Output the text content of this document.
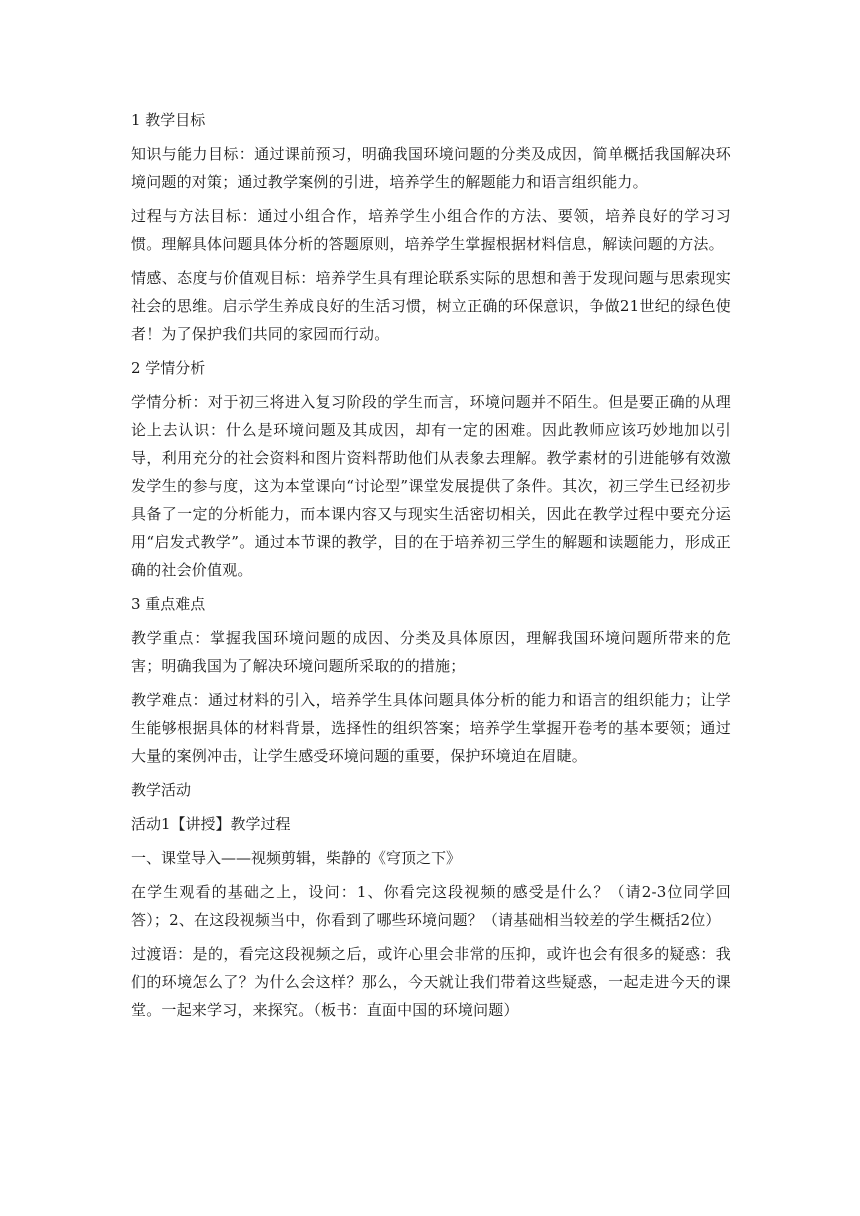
1 教学目标

知识与能力目标：通过课前预习，明确我国环境问题的分类及成因，简单概括我国解决环境问题的对策；通过教学案例的引进，培养学生的解题能力和语言组织能力。

过程与方法目标：通过小组合作，培养学生小组合作的方法、要领，培养良好的学习习惯。理解具体问题具体分析的答题原则，培养学生掌握根据材料信息，解读问题的方法。

情感、态度与价值观目标：培养学生具有理论联系实际的思想和善于发现问题与思索现实社会的思维。启示学生养成良好的生活习惯，树立正确的环保意识，争做21世纪的绿色使者！为了保护我们共同的家园而行动。

2 学情分析

学情分析：对于初三将进入复习阶段的学生而言，环境问题并不陌生。但是要正确的从理论上去认识：什么是环境问题及其成因，却有一定的困难。因此教师应该巧妙地加以引导，利用充分的社会资料和图片资料帮助他们从表象去理解。教学素材的引进能够有效激发学生的参与度，这为本堂课向“讨论型”课堂发展提供了条件。其次，初三学生已经初步具备了一定的分析能力，而本课内容又与现实生活密切相关，因此在教学过程中要充分运用“启发式教学”。通过本节课的教学，目的在于培养初三学生的解题和读题能力，形成正确的社会价值观。

3 重点难点

教学重点：掌握我国环境问题的成因、分类及具体原因，理解我国环境问题所带来的危害；明确我国为了解决环境问题所采取的的措施；

教学难点：通过材料的引入，培养学生具体问题具体分析的能力和语言的组织能力；让学生能够根据具体的材料背景，选择性的组织答案；培养学生掌握开卷考的基本要领；通过大量的案例冲击，让学生感受环境问题的重要，保护环境迫在眉睫。

教学活动

活动1【讲授】教学过程

一、课堂导入——视频剪辑，柴静的《穹顶之下》

在学生观看的基础之上，设问：1、你看完这段视频的感受是什么？（请2-3位同学回答）；2、在这段视频当中，你看到了哪些环境问题？（请基础相当较差的学生概括2位）

过渡语：是的，看完这段视频之后，或许心里会非常的压抑，或许也会有很多的疑惑：我们的环境怎么了？为什么会这样？那么，今天就让我们带着这些疑惑，一起走进今天的课堂。一起来学习，来探究。（板书：直面中国的环境问题）
